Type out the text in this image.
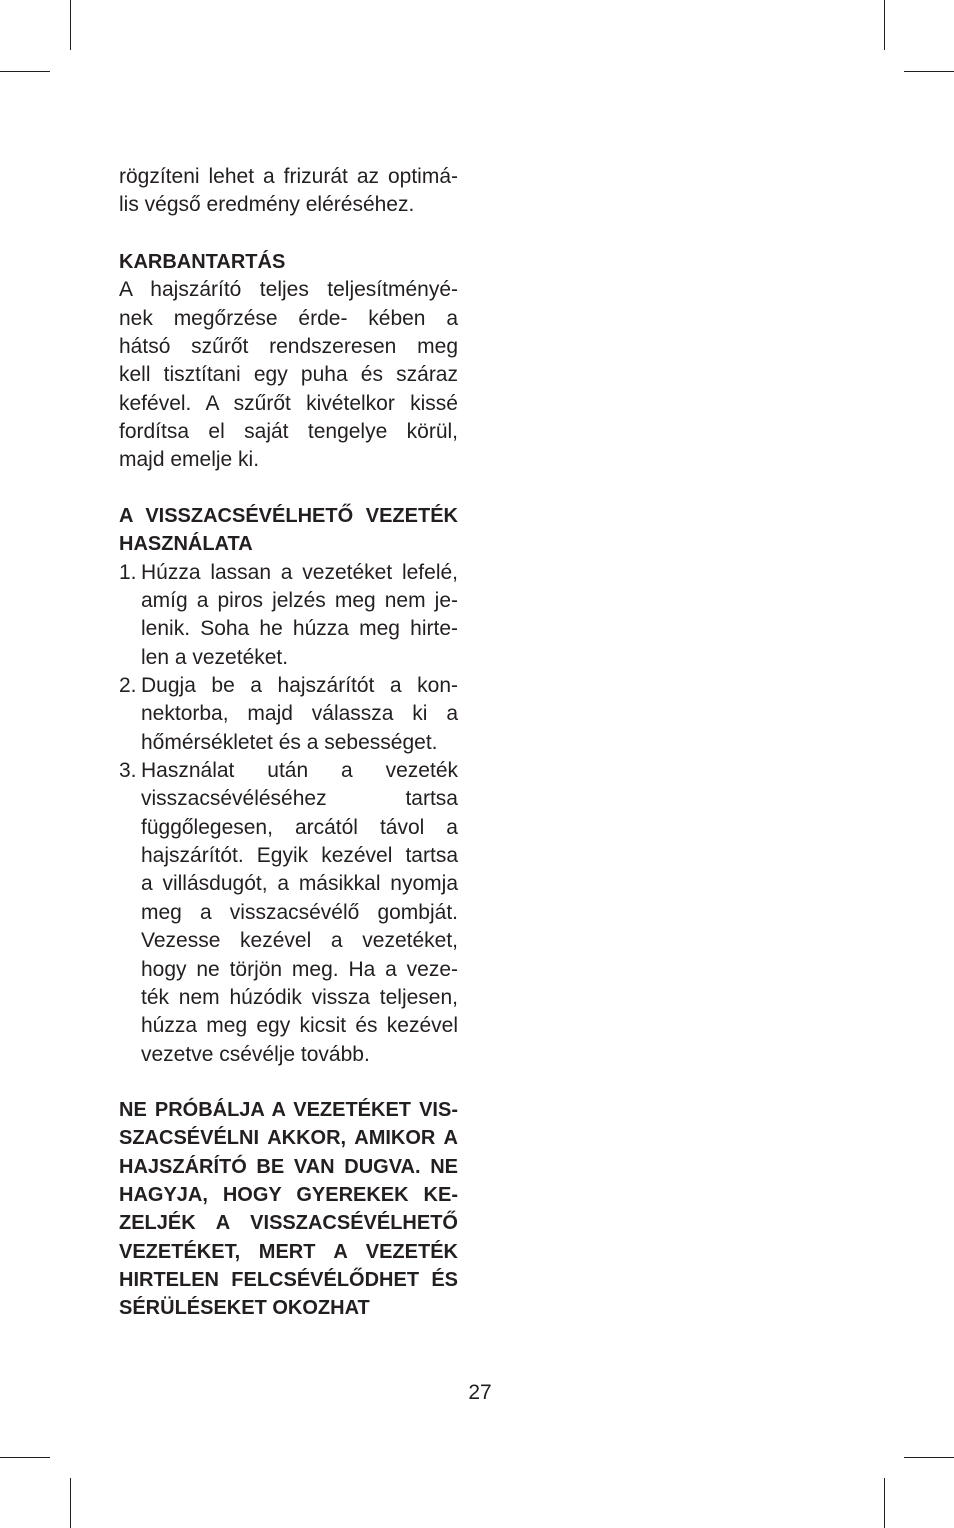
rögzíteni lehet a frizurát az optimá-
lis végső eredmény eléréséhez.
KARBANTARTÁS
A hajszárító teljes teljesítményé-
nek megőrzése érde- kében a
hátsó szűrőt rendszeresen meg
kell tisztítani egy puha és száraz
kefével. A szűrőt kivételkor kissé
fordítsa el saját tengelye körül,
majd emelje ki.
A VISSZACSÉVÉLHETŐ VEZETÉK
HASZNÁLATA
1. Húzza lassan a vezetéket lefelé,
amíg a piros jelzés meg nem je-
lenik. Soha he húzza meg hirte-
len a vezetéket.
2. Dugja be a hajszárítót a kon-
nektorba, majd válassza ki a
hőmérsékletet és a sebességet.
3. Használat után a vezeték
visszacsévéléséhez tartsa
függőlegesen, arcától távol a
hajszárítót. Egyik kezével tartsa
a villásdugót, a másikkal nyomja
meg a visszacsévélő gombját.
Vezesse kezével a vezetéket,
hogy ne törjön meg. Ha a veze-
ték nem húzódik vissza teljesen,
húzza meg egy kicsit és kezével
vezetve csévélje tovább.
NE PRÓBÁLJA A VEZETÉKET VIS-
SZACSÉVÉLNI AKKOR, AMIKOR A
HAJSZÁRÍTÓ BE VAN DUGVA. NE
HAGYJA, HOGY GYEREKEK KE-
ZELJÉK A VISSZACSÉVÉLHETŐ
VEZETÉKET, MERT A VEZETÉK
HIRTELEN FELCSÉVÉLŐDHET ÉS
SÉRÜLÉSEKET OKOZHAT
27
